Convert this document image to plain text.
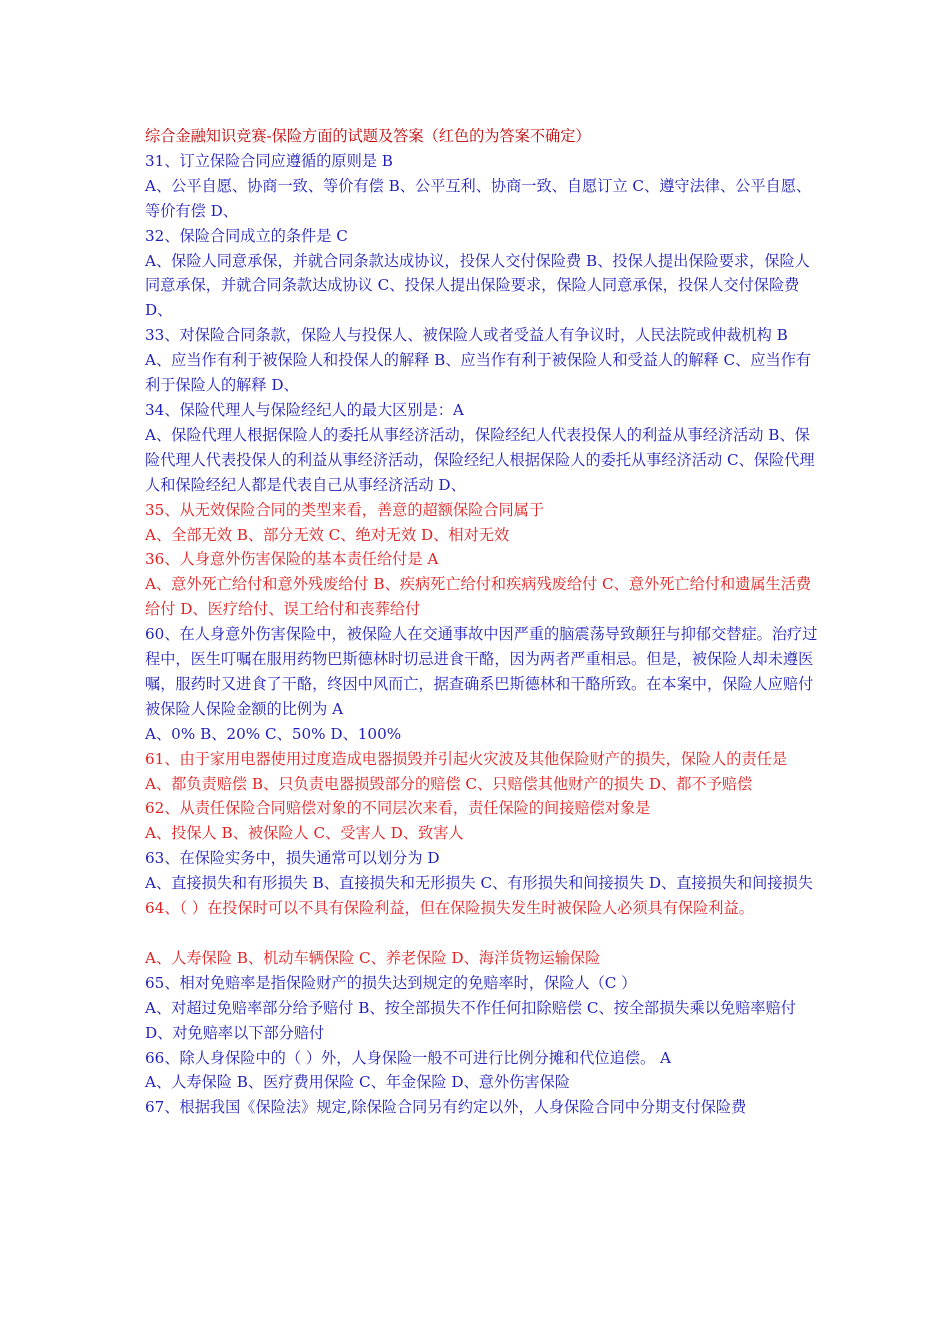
综合金融知识竞赛-保险方面的试题及答案（红色的为答案不确定）

31、订立保险合同应遵循的原则是 B

A、公平自愿、协商一致、等价有偿 B、公平互利、协商一致、自愿订立 C、遵守法律、公平自愿、等价有偿 D、

32、保险合同成立的条件是 C

A、保险人同意承保，并就合同条款达成协议，投保人交付保险费 B、投保人提出保险要求，保险人同意承保，并就合同条款达成协议 C、投保人提出保险要求，保险人同意承保，投保人交付保险费 D、

33、对保险合同条款，保险人与投保人、被保险人或者受益人有争议时，人民法院或仲裁机构 B

A、应当作有利于被保险人和投保人的解释 B、应当作有利于被保险人和受益人的解释 C、应当作有利于保险人的解释 D、

34、保险代理人与保险经纪人的最大区别是：A

A、保险代理人根据保险人的委托从事经济活动，保险经纪人代表投保人的利益从事经济活动 B、保险代理人代表投保人的利益从事经济活动，保险经纪人根据保险人的委托从事经济活动 C、保险代理人和保险经纪人都是代表自己从事经济活动 D、

35、从无效保险合同的类型来看，善意的超额保险合同属于

A、全部无效 B、部分无效 C、绝对无效 D、相对无效

36、人身意外伤害保险的基本责任给付是 A

A、意外死亡给付和意外残废给付 B、疾病死亡给付和疾病残废给付 C、意外死亡给付和遗属生活费给付 D、医疗给付、误工给付和丧葬给付

60、在人身意外伤害保险中，被保险人在交通事故中因严重的脑震荡导致颠狂与抑郁交替症。治疗过程中，医生叮嘱在服用药物巴斯德林时切忌进食干酪，因为两者严重相忌。但是，被保险人却未遵医嘱，服药时又进食了干酪，终因中风而亡，据查确系巴斯德林和干酪所致。在本案中，保险人应赔付被保险人保险金额的比例为 A

A、0% B、20% C、50% D、100%

61、由于家用电器使用过度造成电器损毁并引起火灾波及其他保险财产的损失，保险人的责任是

A、都负责赔偿 B、只负责电器损毁部分的赔偿 C、只赔偿其他财产的损失 D、都不予赔偿

62、从责任保险合同赔偿对象的不同层次来看，责任保险的间接赔偿对象是

A、投保人 B、被保险人 C、受害人 D、致害人

63、在保险实务中，损失通常可以划分为 D

A、直接损失和有形损失 B、直接损失和无形损失 C、有形损失和间接损失 D、直接损失和间接损失

64、（ ）在投保时可以不具有保险利益，但在保险损失发生时被保险人必须具有保险利益。

A、人寿保险 B、机动车辆保险 C、养老保险 D、海洋货物运输保险

65、相对免赔率是指保险财产的损失达到规定的免赔率时，保险人（C ）

A、对超过免赔率部分给予赔付 B、按全部损失不作任何扣除赔偿 C、按全部损失乘以免赔率赔付 D、对免赔率以下部分赔付

66、除人身保险中的（ ）外，人身保险一般不可进行比例分摊和代位追偿。 A

A、人寿保险 B、医疗费用保险 C、年金保险 D、意外伤害保险

67、根据我国《保险法》规定,除保险合同另有约定以外，人身保险合同中分期支付保险费
